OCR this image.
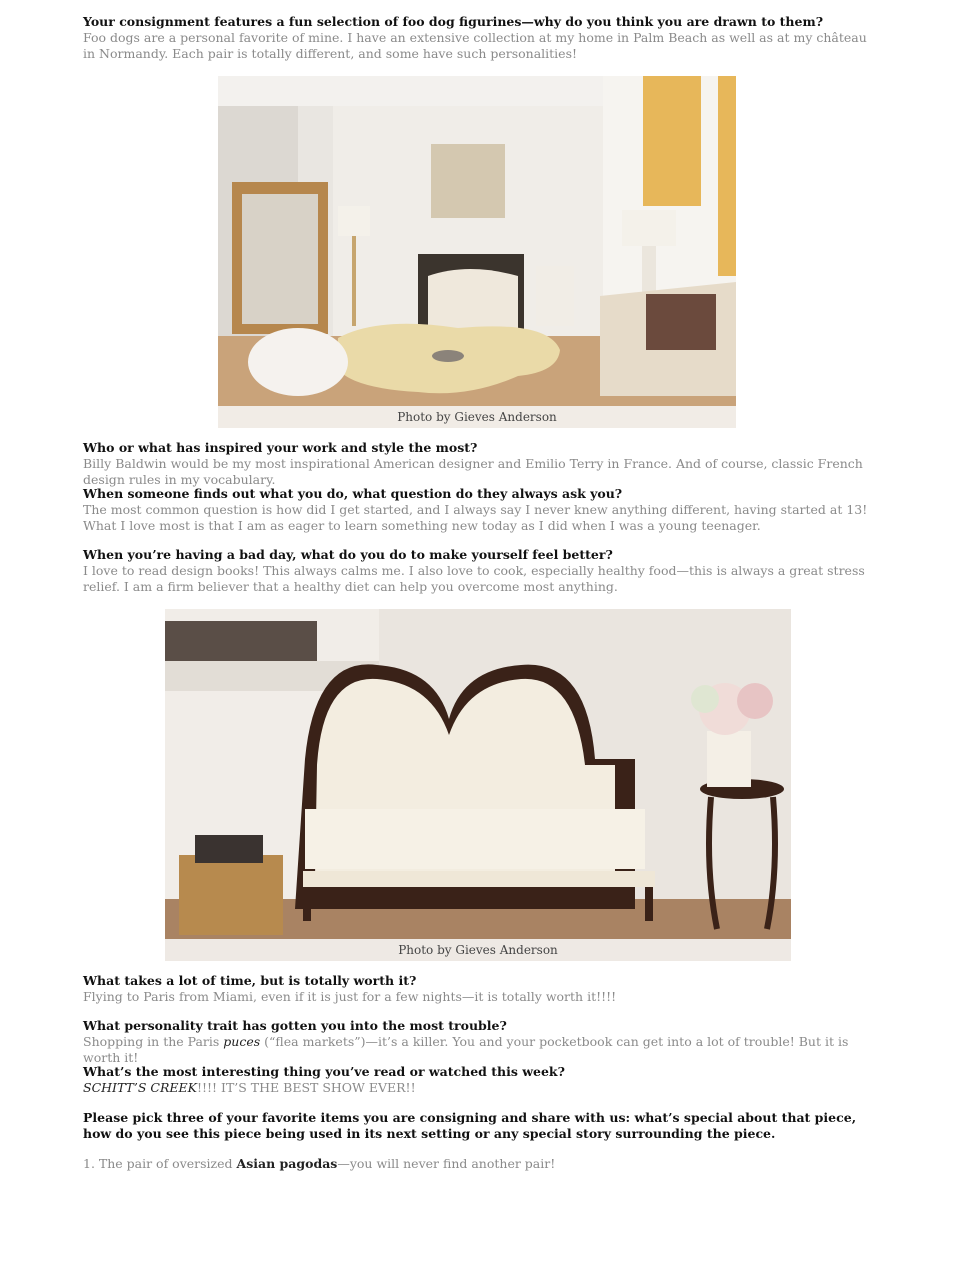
Your consignment features a fun selection of foo dog figurines—why do you think you are drawn to them?

Foo dogs are a personal favorite of mine. I have an extensive collection at my home in Palm Beach as well as at my château in Normandy. Each pair is totally different, and some have such personalities!

Photo by Gieves Anderson

Who or what has inspired your work and style the most?

Billy Baldwin would be my most inspirational American designer and Emilio Terry in France. And of course, classic French design rules in my vocabulary.

When someone finds out what you do, what question do they always ask you?

The most common question is how did I get started, and I always say I never knew anything different, having started at 13! What I love most is that I am as eager to learn something new today as I did when I was a young teenager.

When you’re having a bad day, what do you do to make yourself feel better?

I love to read design books! This always calms me. I also love to cook, especially healthy food—this is always a great stress relief. I am a firm believer that a healthy diet can help you overcome most anything.

Photo by Gieves Anderson

What takes a lot of time, but is totally worth it?

Flying to Paris from Miami, even if it is just for a few nights—it is totally worth it!!!!

What personality trait has gotten you into the most trouble?

Shopping in the Paris puces (“flea markets”)—it’s a killer. You and your pocketbook can get into a lot of trouble! But it is worth it!

What’s the most interesting thing you’ve read or watched this week?

SCHITT’S CREEK!!!! IT’S THE BEST SHOW EVER!!

Please pick three of your favorite items you are consigning and share with us: what’s special about that piece, how do you see this piece being used in its next setting or any special story surrounding the piece.

1. The pair of oversized Asian pagodas—you will never find another pair!
